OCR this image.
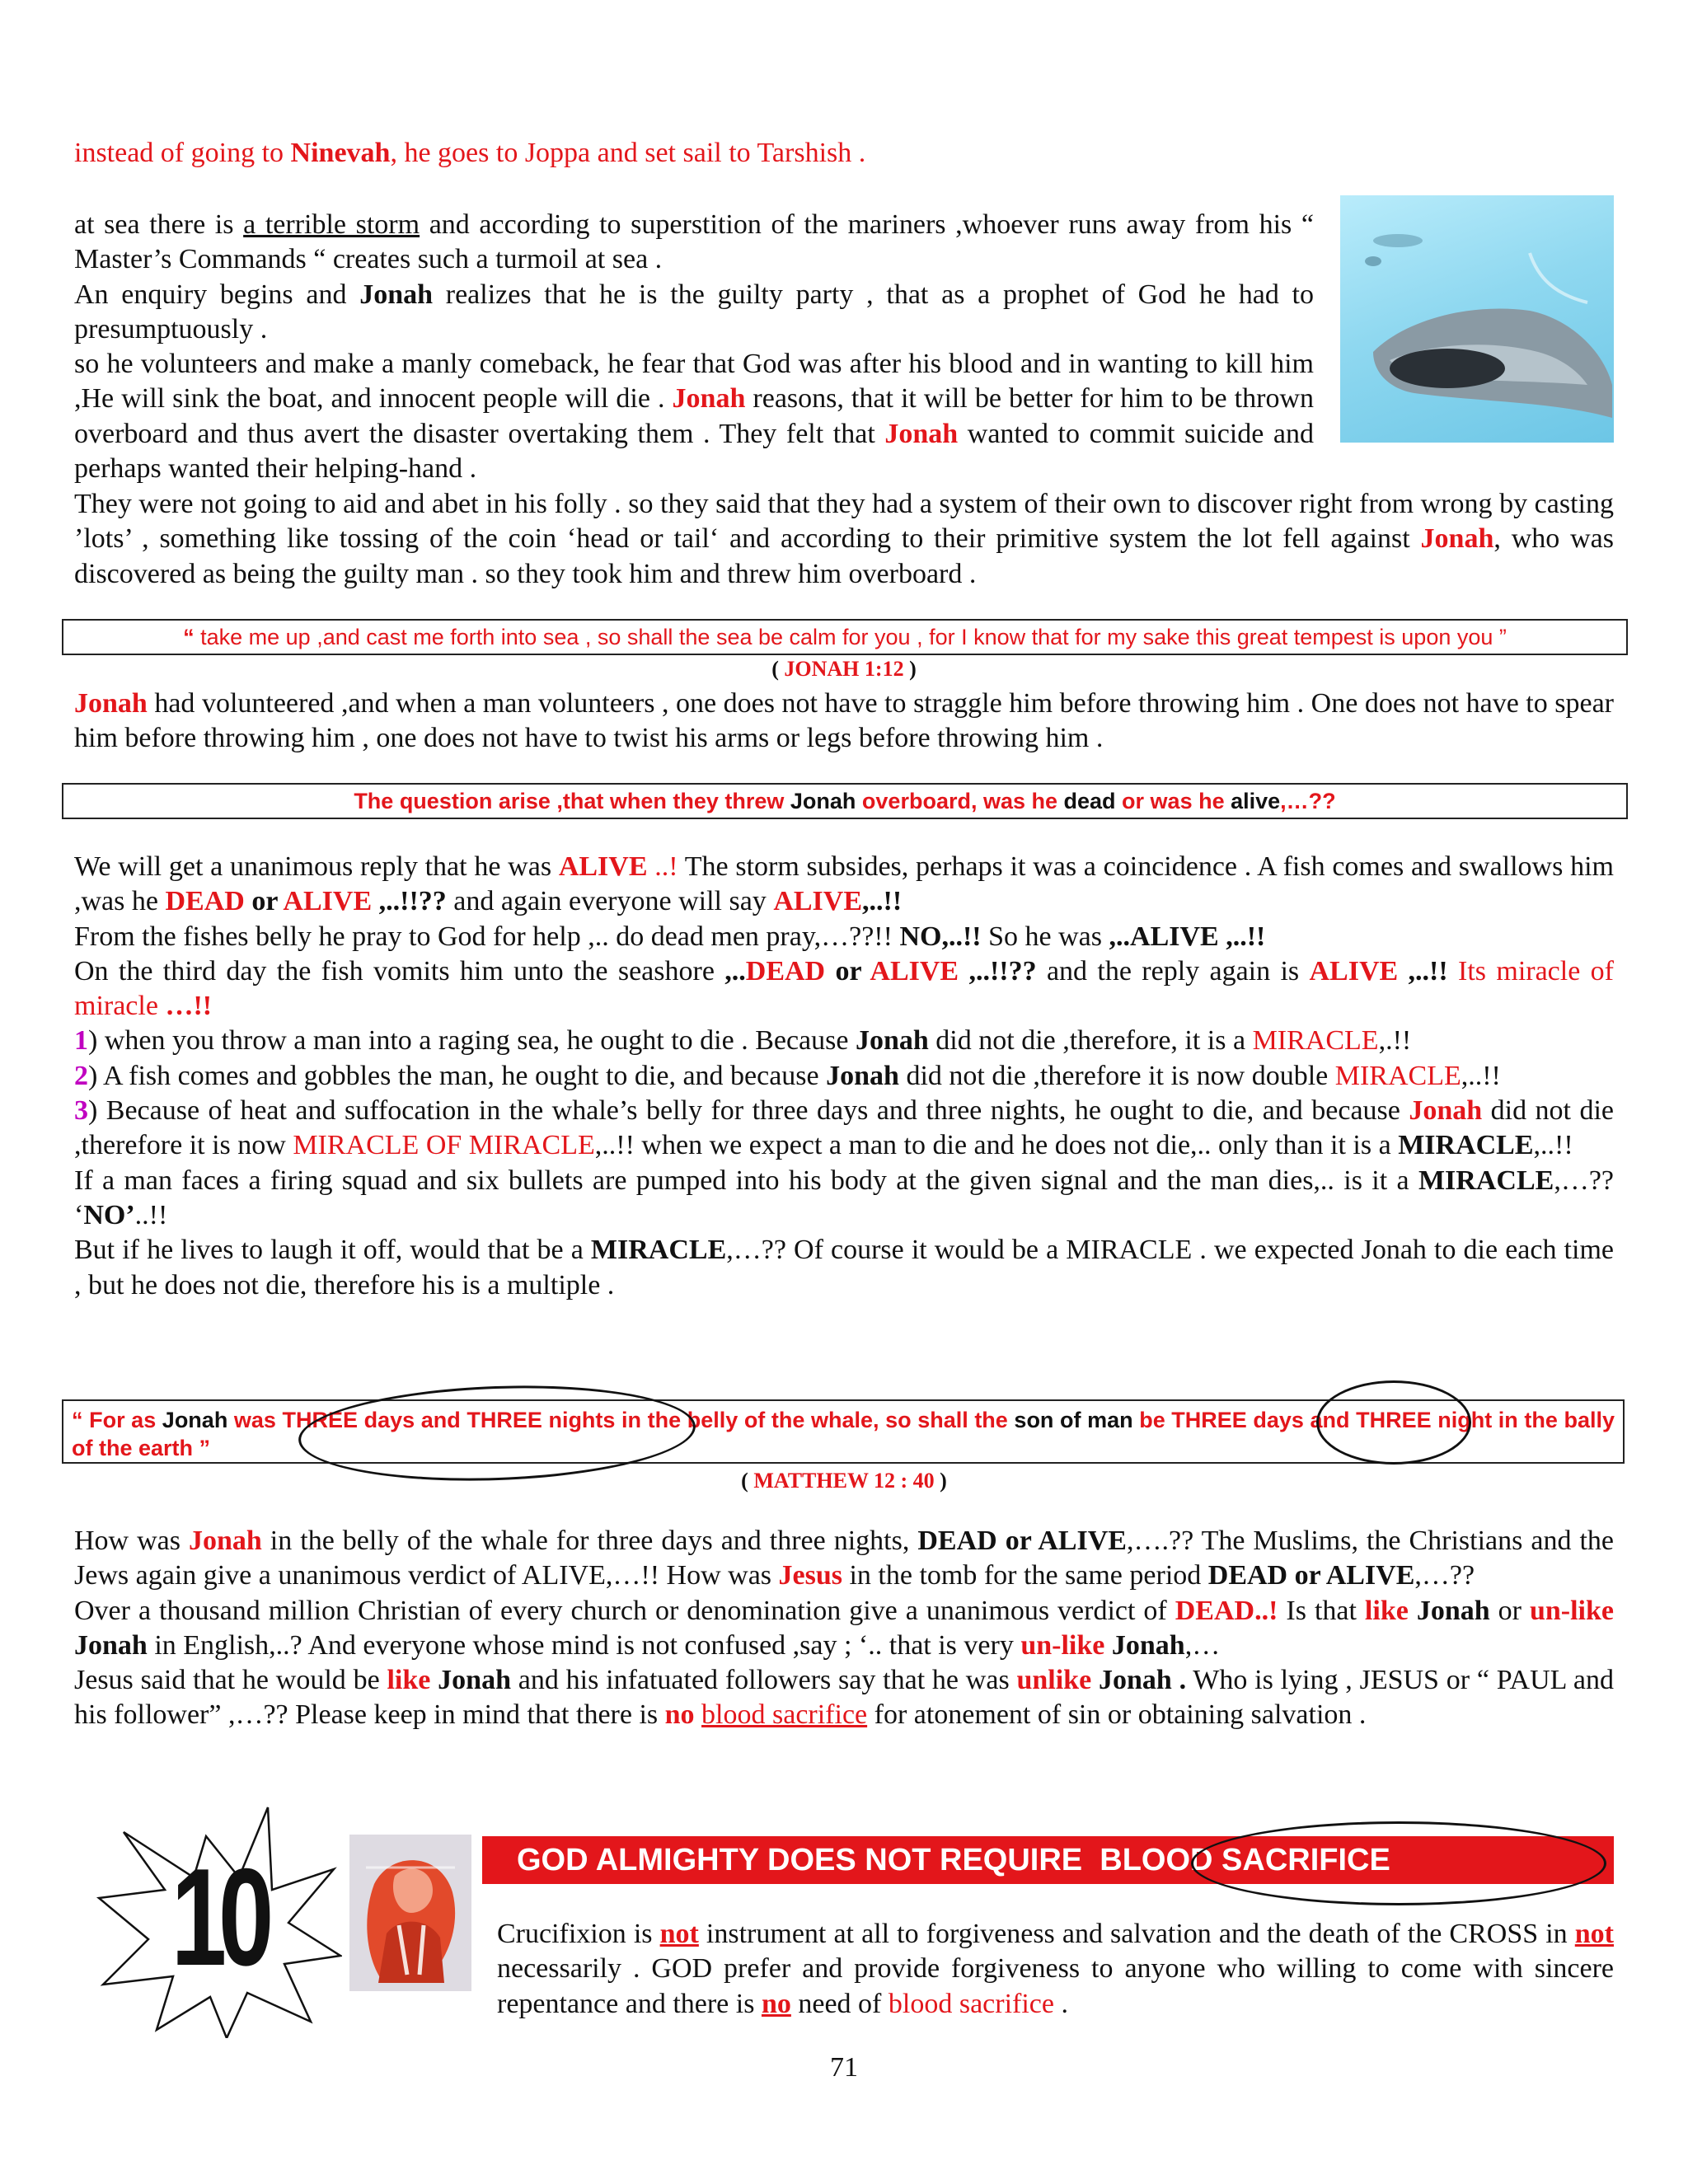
instead of going to Ninevah, he goes to Joppa and set sail to Tarshish .
at sea there is a terrible storm and according to superstition of the mariners ,whoever runs away from his “ Master’s Commands “ creates such a turmoil at sea .
An enquiry begins and Jonah realizes that he is the guilty party , that as a prophet of God he had to presumptuously .
so he volunteers and make a manly comeback, he fear that God was after his blood and in wanting to kill him ,He will sink the boat, and innocent people will die . Jonah reasons, that it will be better for him to be thrown overboard and thus avert the disaster overtaking them . They felt that Jonah wanted to commit suicide and perhaps wanted their helping-hand .
They were not going to aid and abet in his folly . so they said that they had a system of their own to discover right from wrong by casting ’lots’ , something like tossing of the coin ‘head or tail‘ and according to their primitive system the lot fell against Jonah, who was discovered as being the guilty man . so they took him and threw him overboard .
“ take me up ,and cast me forth into sea , so shall the sea be calm for you , for I know that for my sake this great tempest is upon you ”
( JONAH 1:12 )
Jonah had volunteered ,and when a man volunteers , one does not have to straggle him before throwing him . One does not have to spear him before throwing him , one does not have to twist his arms or legs before throwing him .
The question arise ,that when they threw Jonah overboard, was he dead or was he alive,…??
We will get a unanimous reply that he was ALIVE ..! The storm subsides, perhaps it was a coincidence . A fish comes and swallows him ,was he DEAD or ALIVE ,..!!?? and again everyone will say ALIVE,..!!
From the fishes belly he pray to God for help ,.. do dead men pray,…??!! NO,..!! So he was ,..ALIVE ,..!!
On the third day the fish vomits him unto the seashore ,..DEAD or ALIVE ,..!!?? and the reply again is ALIVE ,..!! Its miracle of miracle …!!
1) when you throw a man into a raging sea, he ought to die . Because Jonah did not die ,therefore, it is a MIRACLE,.!!
2) A fish comes and gobbles the man, he ought to die, and because Jonah did not die ,therefore it is now double MIRACLE,..!!
3) Because of heat and suffocation in the whale’s belly for three days and three nights, he ought to die, and because Jonah did not die ,therefore it is now MIRACLE OF MIRACLE,..!! when we expect a man to die and he does not die,.. only than it is a MIRACLE,..!!
If a man faces a firing squad and six bullets are pumped into his body at the given signal and the man dies,.. is it a MIRACLE,…?? ‘NO’..!!
But if he lives to laugh it off, would that be a MIRACLE,…?? Of course it would be a MIRACLE . we expected Jonah to die each time , but he does not die, therefore his is a multiple .
“ For as Jonah was THREE days and THREE nights in the belly of the whale, so shall the son of man be THREE days and THREE night in the bally of the earth ”
( MATTHEW 12 : 40 )
How was Jonah in the belly of the whale for three days and three nights, DEAD or ALIVE,….?? The Muslims, the Christians and the Jews again give a unanimous verdict of ALIVE,…!! How was Jesus in the tomb for the same period DEAD or ALIVE,…??
Over a thousand million Christian of every church or denomination give a unanimous verdict of DEAD..! Is that like Jonah or un-like Jonah in English,..? And everyone whose mind is not confused ,say ; ‘.. that is very un-like Jonah,…
Jesus said that he would be like Jonah and his infatuated followers say that he was unlike Jonah . Who is lying , JESUS or “ PAUL and his follower” ,…?? Please keep in mind that there is no blood sacrifice for atonement of sin or obtaining salvation .
10	GOD ALMIGHTY DOES NOT REQUIRE  BLOOD SACRIFICE
Crucifixion is not instrument at all to forgiveness and salvation and the death of the CROSS in not necessarily . GOD prefer and provide forgiveness to anyone who willing to come with sincere repentance and there is no need of blood sacrifice .
71
